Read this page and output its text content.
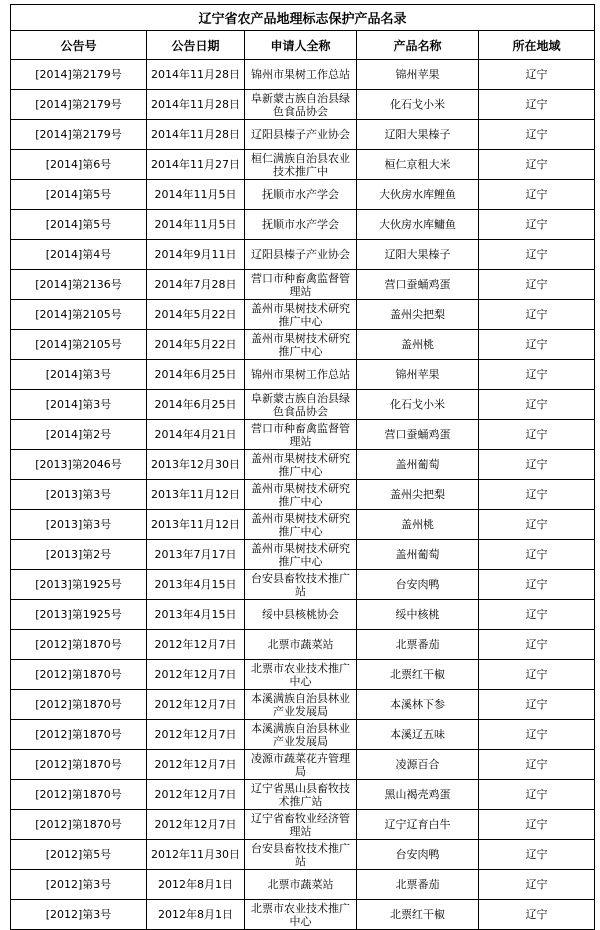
辽宁省农产品地理标志保护产品名录				
公告号	公告日期	申请人全称	产品名称	所在地域
[2014]第2179号	2014年11月28日	锦州市果树工作总站	锦州苹果	辽宁
[2014]第2179号	2014年11月28日	阜新蒙古族自治县绿色食品协会	化石戈小米	辽宁
[2014]第2179号	2014年11月28日	辽阳县榛子产业协会	辽阳大果榛子	辽宁
[2014]第6号	2014年11月27日	桓仁满族自治县农业技术推广中	桓仁京租大米	辽宁
[2014]第5号	2014年11月5日	抚顺市水产学会	大伙房水库鲤鱼	辽宁
[2014]第5号	2014年11月5日	抚顺市水产学会	大伙房水库鳙鱼	辽宁
[2014]第4号	2014年9月11日	辽阳县榛子产业协会	辽阳大果榛子	辽宁
[2014]第2136号	2014年7月28日	营口市种畜禽监督管理站	营口蚕蛹鸡蛋	辽宁
[2014]第2105号	2014年5月22日	盖州市果树技术研究推广中心	盖州尖把梨	辽宁
[2014]第2105号	2014年5月22日	盖州市果树技术研究推广中心	盖州桃	辽宁
[2014]第3号	2014年6月25日	锦州市果树工作总站	锦州苹果	辽宁
[2014]第3号	2014年6月25日	阜新蒙古族自治县绿色食品协会	化石戈小米	辽宁
[2014]第2号	2014年4月21日	营口市种畜禽监督管理站	营口蚕蛹鸡蛋	辽宁
[2013]第2046号	2013年12月30日	盖州市果树技术研究推广中心	盖州葡萄	辽宁
[2013]第3号	2013年11月12日	盖州市果树技术研究推广中心	盖州尖把梨	辽宁
[2013]第3号	2013年11月12日	盖州市果树技术研究推广中心	盖州桃	辽宁
[2013]第2号	2013年7月17日	盖州市果树技术研究推广中心	盖州葡萄	辽宁
[2013]第1925号	2013年4月15日	台安县畜牧技术推广站	台安肉鸭	辽宁
[2013]第1925号	2013年4月15日	绥中县核桃协会	绥中核桃	辽宁
[2012]第1870号	2012年12月7日	北票市蔬菜站	北票番茄	辽宁
[2012]第1870号	2012年12月7日	北票市农业技术推广中心	北票红干椒	辽宁
[2012]第1870号	2012年12月7日	本溪满族自治县林业产业发展局	本溪林下参	辽宁
[2012]第1870号	2012年12月7日	本溪满族自治县林业产业发展局	本溪辽五味	辽宁
[2012]第1870号	2012年12月7日	凌源市蔬菜花卉管理局	凌源百合	辽宁
[2012]第1870号	2012年12月7日	辽宁省黑山县畜牧技术推广站	黑山褐壳鸡蛋	辽宁
[2012]第1870号	2012年12月7日	辽宁省畜牧业经济管理站	辽宁辽育白牛	辽宁
[2012]第5号	2012年11月30日	台安县畜牧技术推广站	台安肉鸭	辽宁
[2012]第3号	2012年8月1日	北票市蔬菜站	北票番茄	辽宁
[2012]第3号	2012年8月1日	北票市农业技术推广中心	北票红干椒	辽宁
